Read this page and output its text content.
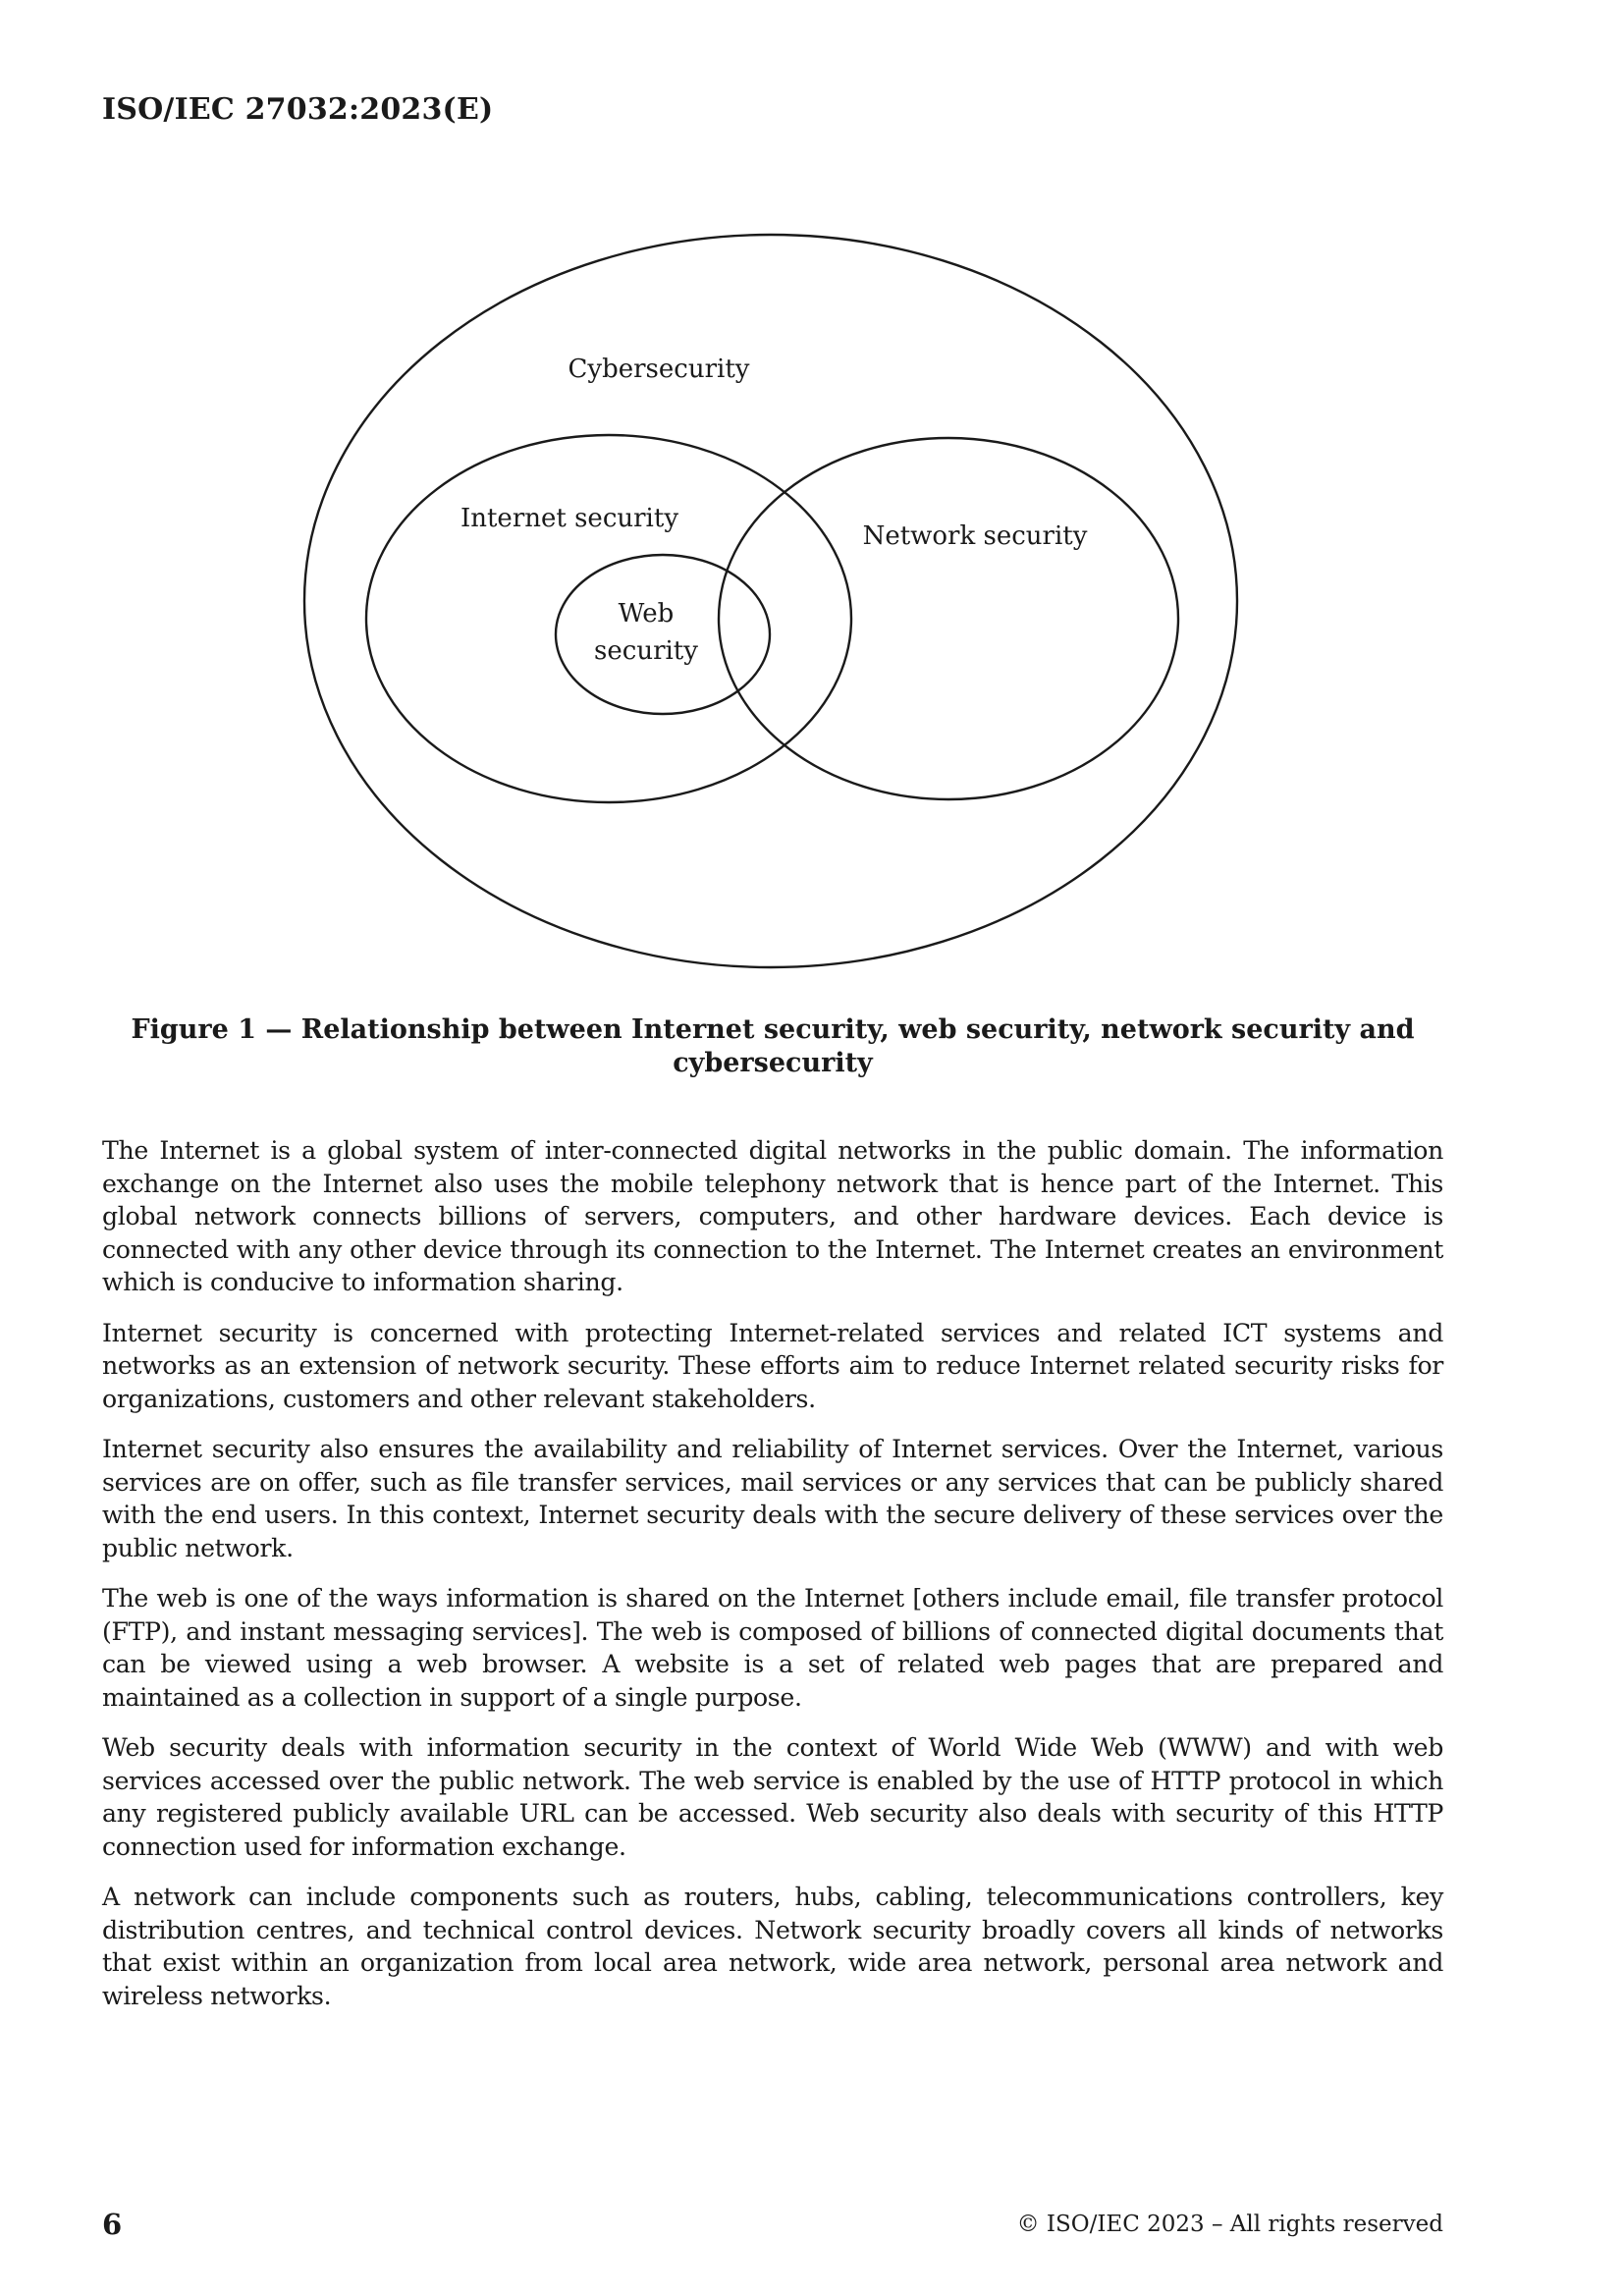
ISO/IEC 27032:2023(E)
Cybersecurity
Internet security
Network security
Web
security
Figure 1 — Relationship between Internet security, web security, network security and
cybersecurity

The Internet is a global system of inter-connected digital networks in the public domain. The information exchange on the Internet also uses the mobile telephony network that is hence part of the Internet. This global network connects billions of servers, computers, and other hardware devices. Each device is connected with any other device through its connection to the Internet. The Internet creates an environment which is conducive to information sharing.

Internet security is concerned with protecting Internet-related services and related ICT systems and networks as an extension of network security. These efforts aim to reduce Internet related security risks for organizations, customers and other relevant stakeholders.

Internet security also ensures the availability and reliability of Internet services. Over the Internet, various services are on offer, such as file transfer services, mail services or any services that can be publicly shared with the end users. In this context, Internet security deals with the secure delivery of these services over the public network.

The web is one of the ways information is shared on the Internet [others include email, file transfer protocol (FTP), and instant messaging services]. The web is composed of billions of connected digital documents that can be viewed using a web browser. A website is a set of related web pages that are prepared and maintained as a collection in support of a single purpose.

Web security deals with information security in the context of World Wide Web (WWW) and with web services accessed over the public network. The web service is enabled by the use of HTTP protocol in which any registered publicly available URL can be accessed. Web security also deals with security of this HTTP connection used for information exchange.

A network can include components such as routers, hubs, cabling, telecommunications controllers, key distribution centres, and technical control devices. Network security broadly covers all kinds of networks that exist within an organization from local area network, wide area network, personal area network and wireless networks.

6	© ISO/IEC 2023 – All rights reserved
